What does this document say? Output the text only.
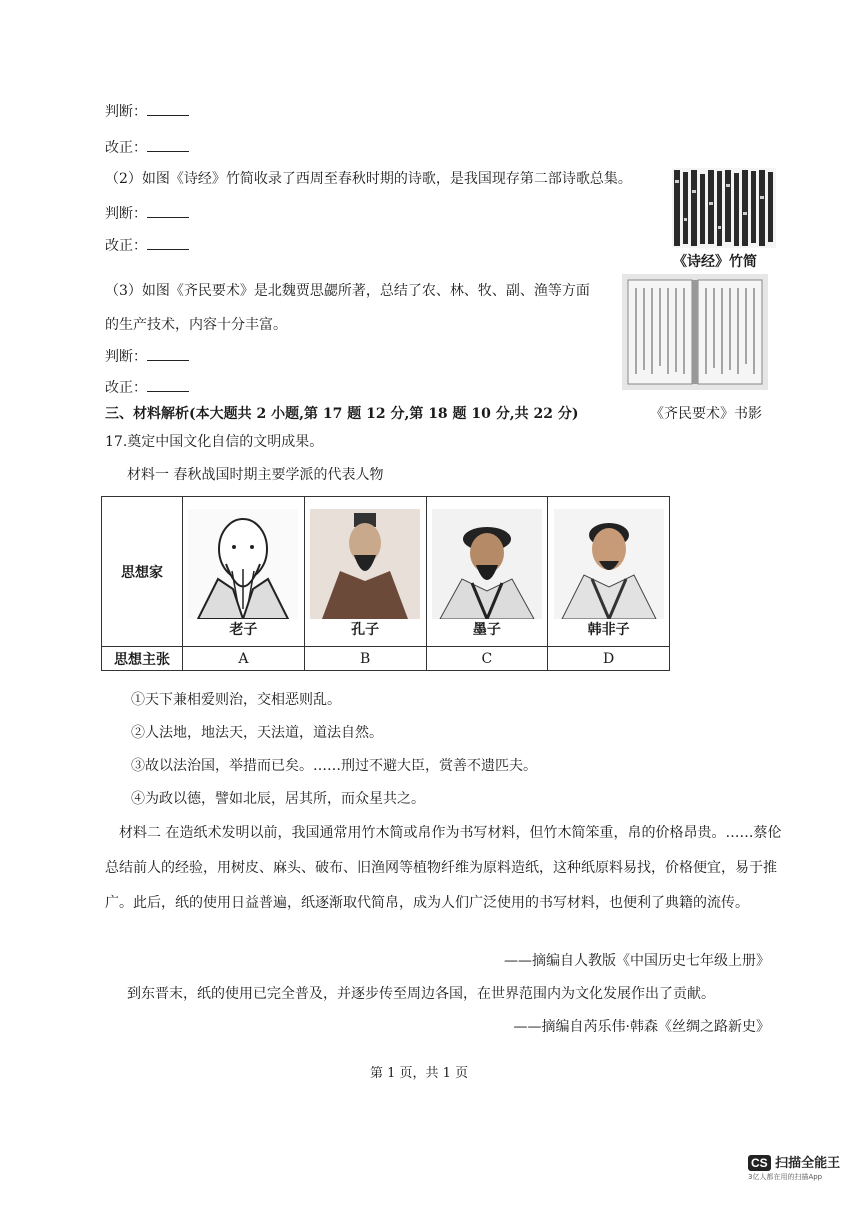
判断：
改正：
（2）如图《诗经》竹简收录了西周至春秋时期的诗歌，是我国现存第二部诗歌总集。
判断：
改正：
《诗经》竹简
（3）如图《齐民要术》是北魏贾思勰所著，总结了农、林、牧、副、渔等方面
的生产技术，内容十分丰富。
判断：
改正：
三、材料解析(本大题共 2 小题,第 17 题 12 分,第 18 题 10 分,共 22 分)	《齐民要术》书影
17.奠定中国文化自信的文明成果。
材料一 春秋战国时期主要学派的代表人物
思想家	老子	孔子	墨子	韩非子

思想主张	A	B	C	D
①天下兼相爱则治，交相恶则乱。
②人法地，地法天，天法道，道法自然。
③故以法治国，举措而已矣。……刑过不避大臣，赏善不遗匹夫。
④为政以德，譬如北辰，居其所，而众星共之。
材料二 在造纸术发明以前，我国通常用竹木简或帛作为书写材料，但竹木简笨重，帛的价格昂贵。……蔡伦总结前人的经验，用树皮、麻头、破布、旧渔网等植物纤维为原料造纸，这种纸原料易找，价格便宜，易于推广。此后，纸的使用日益普遍，纸逐渐取代简帛，成为人们广泛使用的书写材料，也便利了典籍的流传。
——摘编自人教版《中国历史七年级上册》
到东晋末，纸的使用已完全普及，并逐步传至周边各国，在世界范围内为文化发展作出了贡献。
——摘编自芮乐伟·韩森《丝绸之路新史》
第 1 页，共 1 页
CS 扫描全能王
3亿人都在用的扫描App
